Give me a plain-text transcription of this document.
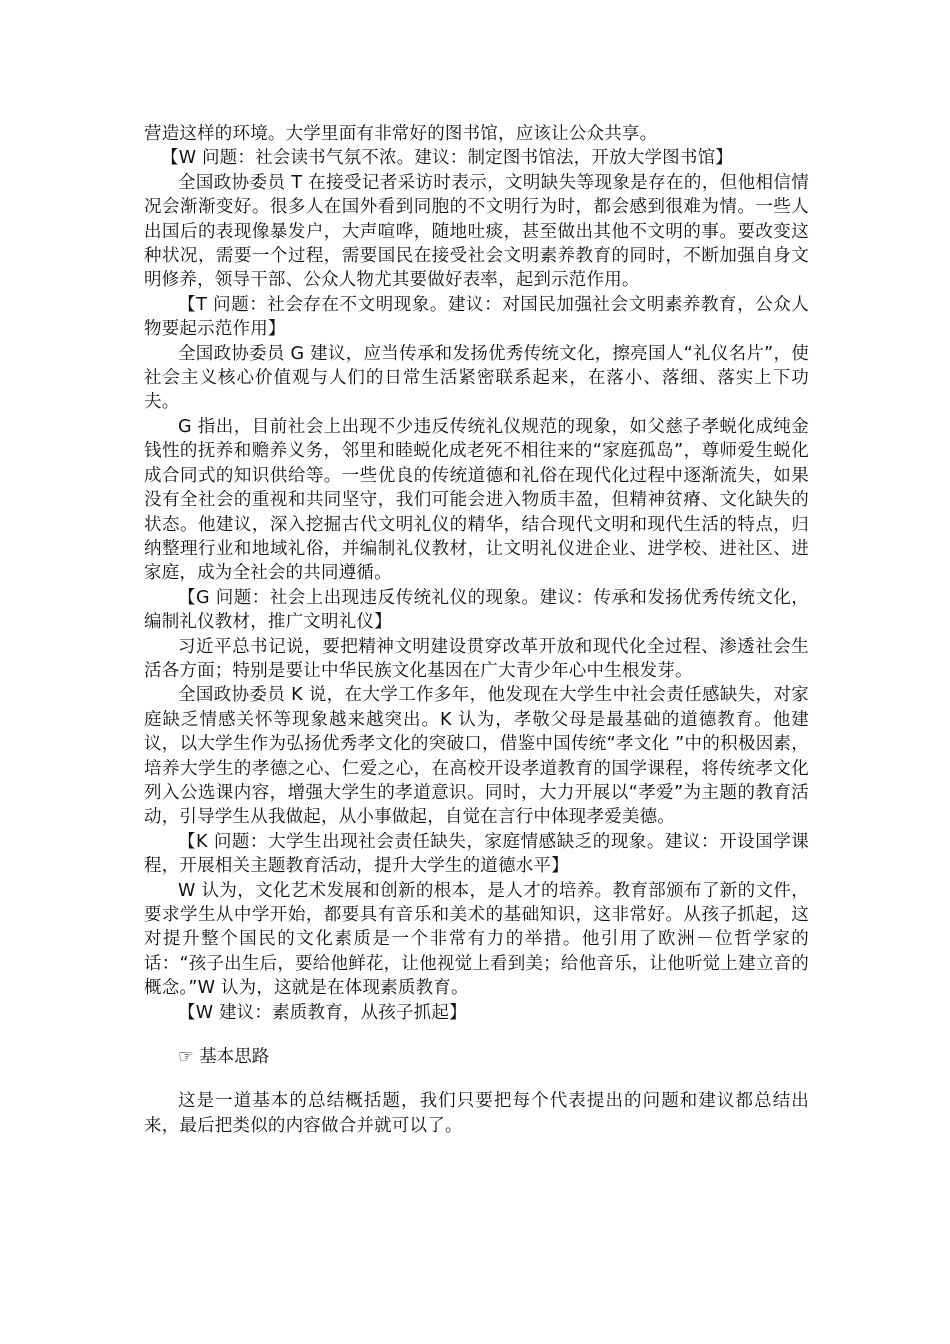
营造这样的环境。大学里面有非常好的图书馆，应该让公众共享。

【W 问题：社会读书气氛不浓。建议：制定图书馆法，开放大学图书馆】

全国政协委员 T 在接受记者采访时表示，文明缺失等现象是存在的，但他相信情况会渐渐变好。很多人在国外看到同胞的不文明行为时，都会感到很难为情。一些人出国后的表现像暴发户，大声喧哗，随地吐痰，甚至做出其他不文明的事。要改变这种状况，需要一个过程，需要国民在接受社会文明素养教育的同时，不断加强自身文明修养，领导干部、公众人物尤其要做好表率，起到示范作用。

【T 问题：社会存在不文明现象。建议：对国民加强社会文明素养教育，公众人物要起示范作用】

全国政协委员 G 建议，应当传承和发扬优秀传统文化，擦亮国人“礼仪名片”，使社会主义核心价值观与人们的日常生活紧密联系起来，在落小、落细、落实上下功夫。

G 指出，目前社会上出现不少违反传统礼仪规范的现象，如父慈子孝蜕化成纯金钱性的抚养和赡养义务，邻里和睦蜕化成老死不相往来的“家庭孤岛”，尊师爱生蜕化成合同式的知识供给等。一些优良的传统道德和礼俗在现代化过程中逐渐流失，如果没有全社会的重视和共同坚守，我们可能会进入物质丰盈，但精神贫瘠、文化缺失的状态。他建议，深入挖掘古代文明礼仪的精华，结合现代文明和现代生活的特点，归纳整理行业和地域礼俗，并编制礼仪教材，让文明礼仪进企业、进学校、进社区、进家庭，成为全社会的共同遵循。

【G 问题：社会上出现违反传统礼仪的现象。建议：传承和发扬优秀传统文化，编制礼仪教材，推广文明礼仪】

习近平总书记说，要把精神文明建设贯穿改革开放和现代化全过程、渗透社会生活各方面；特别是要让中华民族文化基因在广大青少年心中生根发芽。

全国政协委员 K 说，在大学工作多年，他发现在大学生中社会责任感缺失，对家庭缺乏情感关怀等现象越来越突出。K 认为，孝敬父母是最基础的道德教育。他建议，以大学生作为弘扬优秀孝文化的突破口，借鉴中国传统“孝文化 ”中的积极因素，培养大学生的孝德之心、仁爱之心，在高校开设孝道教育的国学课程，将传统孝文化列入公选课内容，增强大学生的孝道意识。同时，大力开展以“孝爱”为主题的教育活动，引导学生从我做起，从小事做起，自觉在言行中体现孝爱美德。

【K 问题：大学生出现社会责任缺失，家庭情感缺乏的现象。建议：开设国学课程，开展相关主题教育活动，提升大学生的道德水平】

W 认为，文化艺术发展和创新的根本，是人才的培养。教育部颁布了新的文件，要求学生从中学开始，都要具有音乐和美术的基础知识，这非常好。从孩子抓起，这对提升整个国民的文化素质是一个非常有力的举措。他引用了欧洲－位哲学家的话：“孩子出生后，要给他鲜花，让他视觉上看到美；给他音乐，让他听觉上建立音的概念。”W 认为，这就是在体现素质教育。

【W 建议：素质教育，从孩子抓起】

☞ 基本思路

这是一道基本的总结概括题，我们只要把每个代表提出的问题和建议都总结出来，最后把类似的内容做合并就可以了。
